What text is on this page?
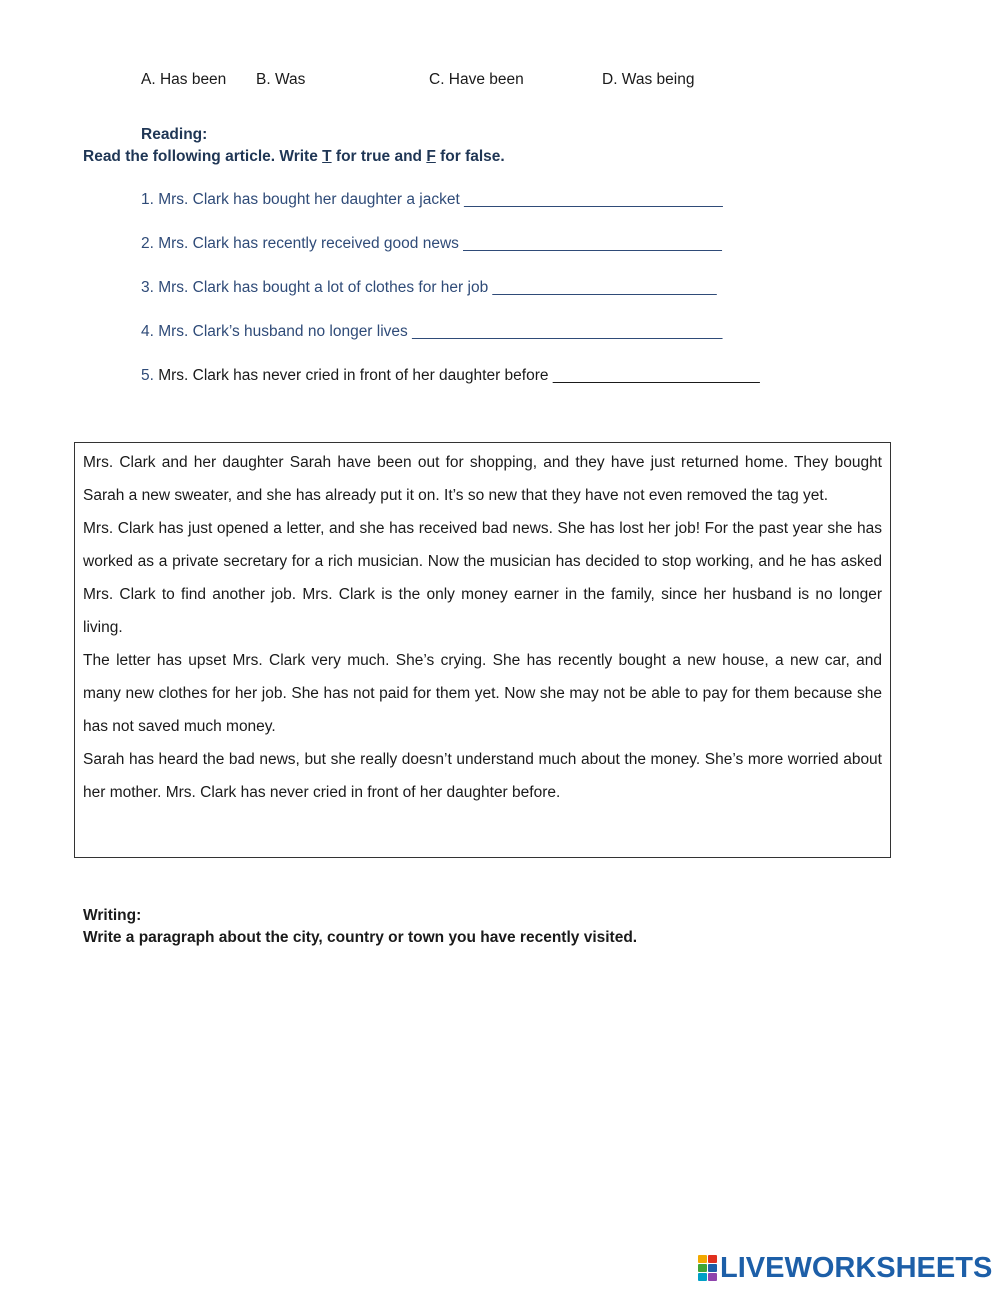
A. Has been B. Was	C. Have been	D. Was being
Reading:
Read the following article. Write T for true and F for false.
1. Mrs. Clark has bought her daughter a jacket ______________________________
2. Mrs. Clark has recently received good news ______________________________
3. Mrs. Clark has bought a lot of clothes for her job __________________________
4. Mrs. Clark’s husband no longer lives ____________________________________
5. Mrs. Clark has never cried in front of her daughter before ________________________

Mrs. Clark and her daughter Sarah have been out for shopping, and they have just returned home. They bought Sarah a new sweater, and she has already put it on. It’s so new that they have not even removed the tag yet.

Mrs. Clark has just opened a letter, and she has received bad news. She has lost her job! For the past year she has worked as a private secretary for a rich musician. Now the musician has decided to stop working, and he has asked Mrs. Clark to find another job. Mrs. Clark is the only money earner in the family, since her husband is no longer living.

The letter has upset Mrs. Clark very much. She’s crying. She has recently bought a new house, a new car, and many new clothes for her job. She has not paid for them yet. Now she may not be able to pay for them because she has not saved much money.

Sarah has heard the bad news, but she really doesn’t understand much about the money. She’s more worried about her mother. Mrs. Clark has never cried in front of her daughter before.

Writing:
Write a paragraph about the city, country or town you have recently visited.
LIVEWORKSHEETS
